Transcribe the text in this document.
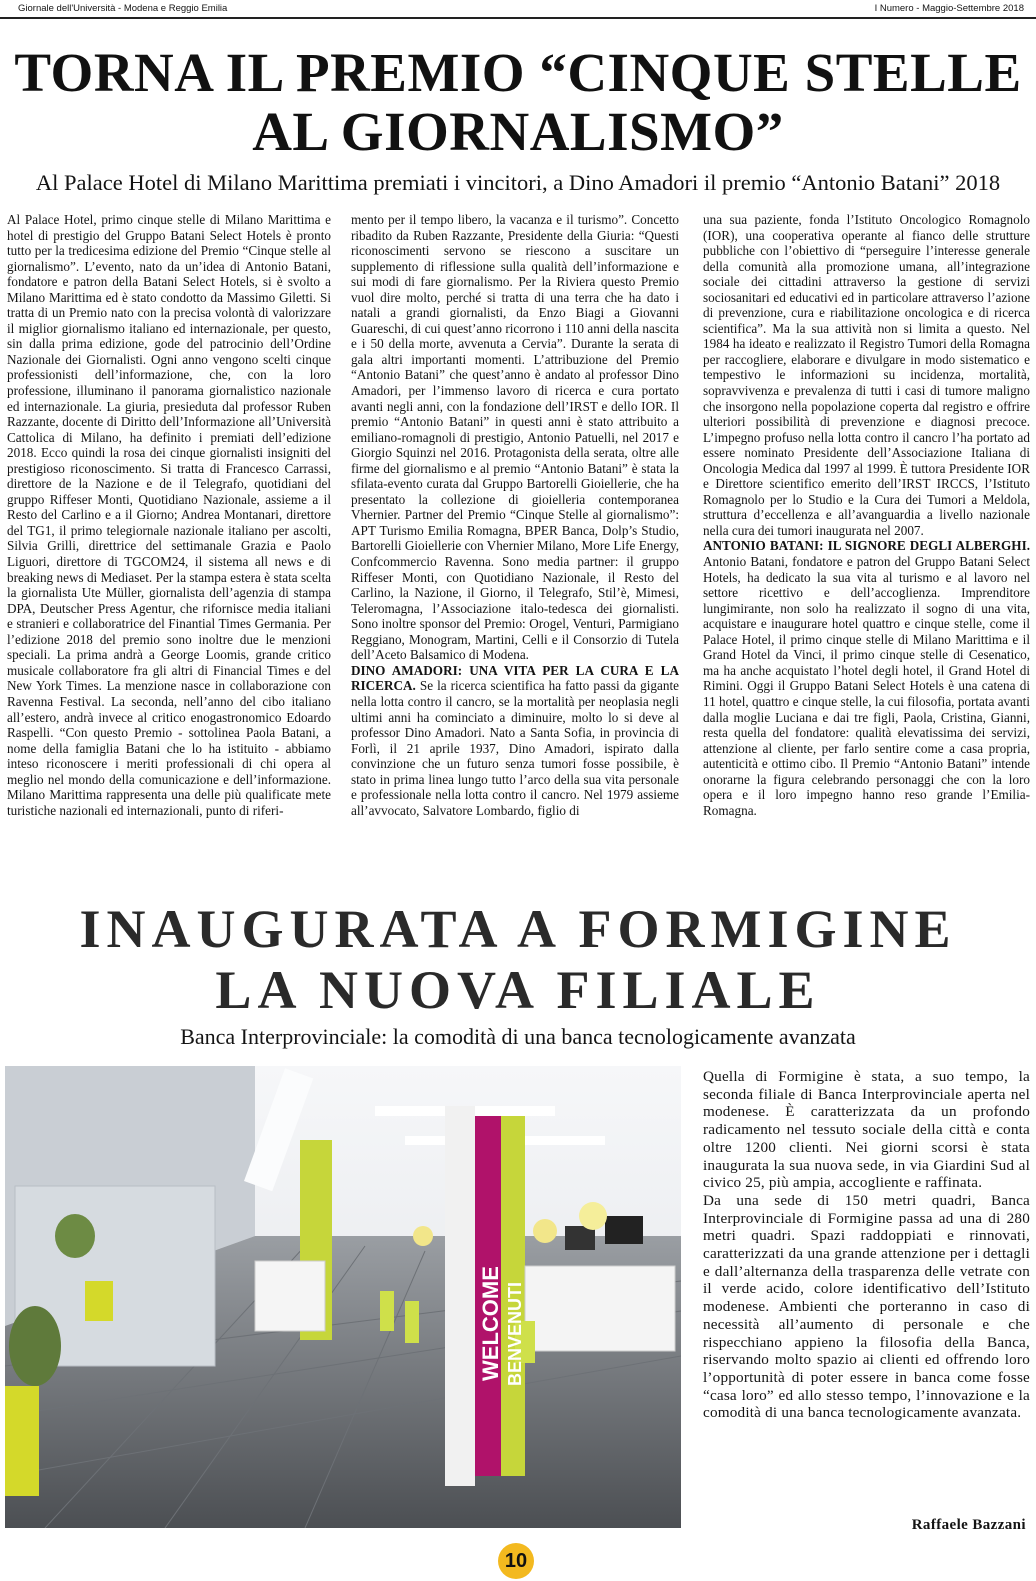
Giornale dell'Università - Modena e Reggio Emilia	I Numero - Maggio-Settembre 2018
TORNA IL PREMIO “CINQUE STELLE
AL GIORNALISMO”
Al Palace Hotel di Milano Marittima premiati i vincitori, a Dino Amadori il premio “Antonio Batani” 2018

Al Palace Hotel, primo cinque stelle di Milano Marittima e hotel di prestigio del Gruppo Batani Select Hotels è pronto tutto per la tredicesima edizione del Premio “Cinque stelle al giornalismo”. L’evento, nato da un’idea di Antonio Batani, fondatore e patron della Batani Select Hotels, si è svolto a Milano Marittima ed è stato condotto da Massimo Giletti. Si tratta di un Premio nato con la precisa volontà di valorizzare il miglior giornalismo italiano ed internazionale, per questo, sin dalla prima edizione, gode del patrocinio dell’Ordine Nazionale dei Giornalisti. Ogni anno vengono scelti cinque professionisti dell’informazione, che, con la loro professione, illuminano il panorama giornalistico nazionale ed internazionale. La giuria, presieduta dal professor Ruben Razzante, docente di Diritto dell’Informazione all’Università Cattolica di Milano, ha definito i premiati dell’edizione 2018. Ecco quindi la rosa dei cinque giornalisti insigniti del prestigioso riconoscimento. Si tratta di Francesco Carrassi, direttore de la Nazione e de il Telegrafo, quotidiani del gruppo Riffeser Monti, Quotidiano Nazionale, assieme a il Resto del Carlino e a il Giorno; Andrea Montanari, direttore del TG1, il primo telegiornale nazionale italiano per ascolti, Silvia Grilli, direttrice del settimanale Grazia e Paolo Liguori, direttore di TGCOM24, il sistema all news e di breaking news di Mediaset. Per la stampa estera è stata scelta la giornalista Ute Müller, giornalista dell’agenzia di stampa DPA, Deutscher Press Agentur, che rifornisce media italiani e stranieri e collaboratrice del Finantial Times Germania. Per l’edizione 2018 del premio sono inoltre due le menzioni speciali. La prima andrà a George Loomis, grande critico musicale collaboratore fra gli altri di Financial Times e del New York Times. La menzione nasce in collaborazione con Ravenna Festival. La seconda, nell’anno del cibo italiano all’estero, andrà invece al critico enogastronomico Edoardo Raspelli. “Con questo Premio - sottolinea Paola Batani, a nome della famiglia Batani che lo ha istituito - abbiamo inteso riconoscere i meriti professionali di chi opera al meglio nel mondo della comunicazione e dell’informazione. Milano Marittima rappresenta una delle più qualificate mete turistiche nazionali ed internazionali, punto di riferi-

mento per il tempo libero, la vacanza e il turismo”. Concetto ribadito da Ruben Razzante, Presidente della Giuria: “Questi riconoscimenti servono se riescono a suscitare un supplemento di riflessione sulla qualità dell’informazione e sui modi di fare giornalismo. Per la Riviera questo Premio vuol dire molto, perché si tratta di una terra che ha dato i natali a grandi giornalisti, da Enzo Biagi a Giovanni Guareschi, di cui quest’anno ricorrono i 110 anni della nascita e i 50 della morte, avvenuta a Cervia”. Durante la serata di gala altri importanti momenti. L’attribuzione del Premio “Antonio Batani” che quest’anno è andato al professor Dino Amadori, per l’immenso lavoro di ricerca e cura portato avanti negli anni, con la fondazione dell’IRST e dello IOR. Il premio “Antonio Batani” in questi anni è stato attribuito a emiliano-romagnoli di prestigio, Antonio Patuelli, nel 2017 e Giorgio Squinzi nel 2016. Protagonista della serata, oltre alle firme del giornalismo e al premio “Antonio Batani” è stata la sfilata-evento curata dal Gruppo Bartorelli Gioiellerie, che ha presentato la collezione di gioielleria contemporanea Vhernier. Partner del Premio “Cinque Stelle al giornalismo”: APT Turismo Emilia Romagna, BPER Banca, Dolp’s Studio, Bartorelli Gioiellerie con Vhernier Milano, More Life Energy, Confcommercio Ravenna. Sono media partner: il gruppo Riffeser Monti, con Quotidiano Nazionale, il Resto del Carlino, la Nazione, il Giorno, il Telegrafo, Stil’è, Mimesi, Teleromagna, l’Associazione italo-tedesca dei giornalisti. Sono inoltre sponsor del Premio: Orogel, Venturi, Parmigiano Reggiano, Monogram, Martini, Celli e il Consorzio di Tutela dell’Aceto Balsamico di Modena.

DINO AMADORI: UNA VITA PER LA CURA E LA RICERCA. Se la ricerca scientifica ha fatto passi da gigante nella lotta contro il cancro, se la mortalità per neoplasia negli ultimi anni ha cominciato a diminuire, molto lo si deve al professor Dino Amadori. Nato a Santa Sofia, in provincia di Forlì, il 21 aprile 1937, Dino Amadori, ispirato dalla convinzione che un futuro senza tumori fosse possibile, è stato in prima linea lungo tutto l’arco della sua vita personale e professionale nella lotta contro il cancro. Nel 1979 assieme all’avvocato, Salvatore Lombardo, figlio di

una sua paziente, fonda l’Istituto Oncologico Romagnolo (IOR), una cooperativa operante al fianco delle strutture pubbliche con l’obiettivo di “perseguire l’interesse generale della comunità alla promozione umana, all’integrazione sociale dei cittadini attraverso la gestione di servizi sociosanitari ed educativi ed in particolare attraverso l’azione di prevenzione, cura e riabilitazione oncologica e di ricerca scientifica”. Ma la sua attività non si limita a questo. Nel 1984 ha ideato e realizzato il Registro Tumori della Romagna per raccogliere, elaborare e divulgare in modo sistematico e tempestivo le informazioni su incidenza, mortalità, sopravvivenza e prevalenza di tutti i casi di tumore maligno che insorgono nella popolazione coperta dal registro e offrire ulteriori possibilità di prevenzione e diagnosi precoce. L’impegno profuso nella lotta contro il cancro l’ha portato ad essere nominato Presidente dell’Associazione Italiana di Oncologia Medica dal 1997 al 1999. È tuttora Presidente IOR e Direttore scientifico emerito dell’IRST IRCCS, l’Istituto Romagnolo per lo Studio e la Cura dei Tumori a Meldola, struttura d’eccellenza e all’avanguardia a livello nazionale nella cura dei tumori inaugurata nel 2007.

ANTONIO BATANI: IL SIGNORE DEGLI ALBERGHI. Antonio Batani, fondatore e patron del Gruppo Batani Select Hotels, ha dedicato la sua vita al turismo e al lavoro nel settore ricettivo e dell’accoglienza. Imprenditore lungimirante, non solo ha realizzato il sogno di una vita, acquistare e inaugurare hotel quattro e cinque stelle, come il Palace Hotel, il primo cinque stelle di Milano Marittima e il Grand Hotel da Vinci, il primo cinque stelle di Cesenatico, ma ha anche acquistato l’hotel degli hotel, il Grand Hotel di Rimini. Oggi il Gruppo Batani Select Hotels è una catena di 11 hotel, quattro e cinque stelle, la cui filosofia, portata avanti dalla moglie Luciana e dai tre figli, Paola, Cristina, Gianni, resta quella del fondatore: qualità elevatissima dei servizi, attenzione al cliente, per farlo sentire come a casa propria, autenticità e ottimo cibo. Il Premio “Antonio Batani” intende onorarne la figura celebrando personaggi che con la loro opera e il loro impegno hanno reso grande l’Emilia-Romagna.

INAUGURATA A FORMIGINE
LA NUOVA FILIALE
Banca Interprovinciale: la comodità di una banca tecnologicamente avanzata
WELCOME BENVENUTI

Quella di Formigine è stata, a suo tempo, la seconda filiale di Banca Interprovinciale aperta nel modenese. È caratterizzata da un profondo radicamento nel tessuto sociale della città e conta oltre 1200 clienti. Nei giorni scorsi è stata inaugurata la sua nuova sede, in via Giardini Sud al civico 25, più ampia, accogliente e raffinata.

Da una sede di 150 metri quadri, Banca Interprovinciale di Formigine passa ad una di 280 metri quadri. Spazi raddoppiati e rinnovati, caratterizzati da una grande attenzione per i dettagli e dall’alternanza della trasparenza delle vetrate con il verde acido, colore identificativo dell’Istituto modenese. Ambienti che porteranno in caso di necessità all’aumento di personale e che rispecchiano appieno la filosofia della Banca, riservando molto spazio ai clienti ed offrendo loro l’opportunità di poter essere in banca come fosse “casa loro” ed allo stesso tempo, l’innovazione e la comodità di una banca tecnologicamente avanzata.

Raffaele Bazzani
10
